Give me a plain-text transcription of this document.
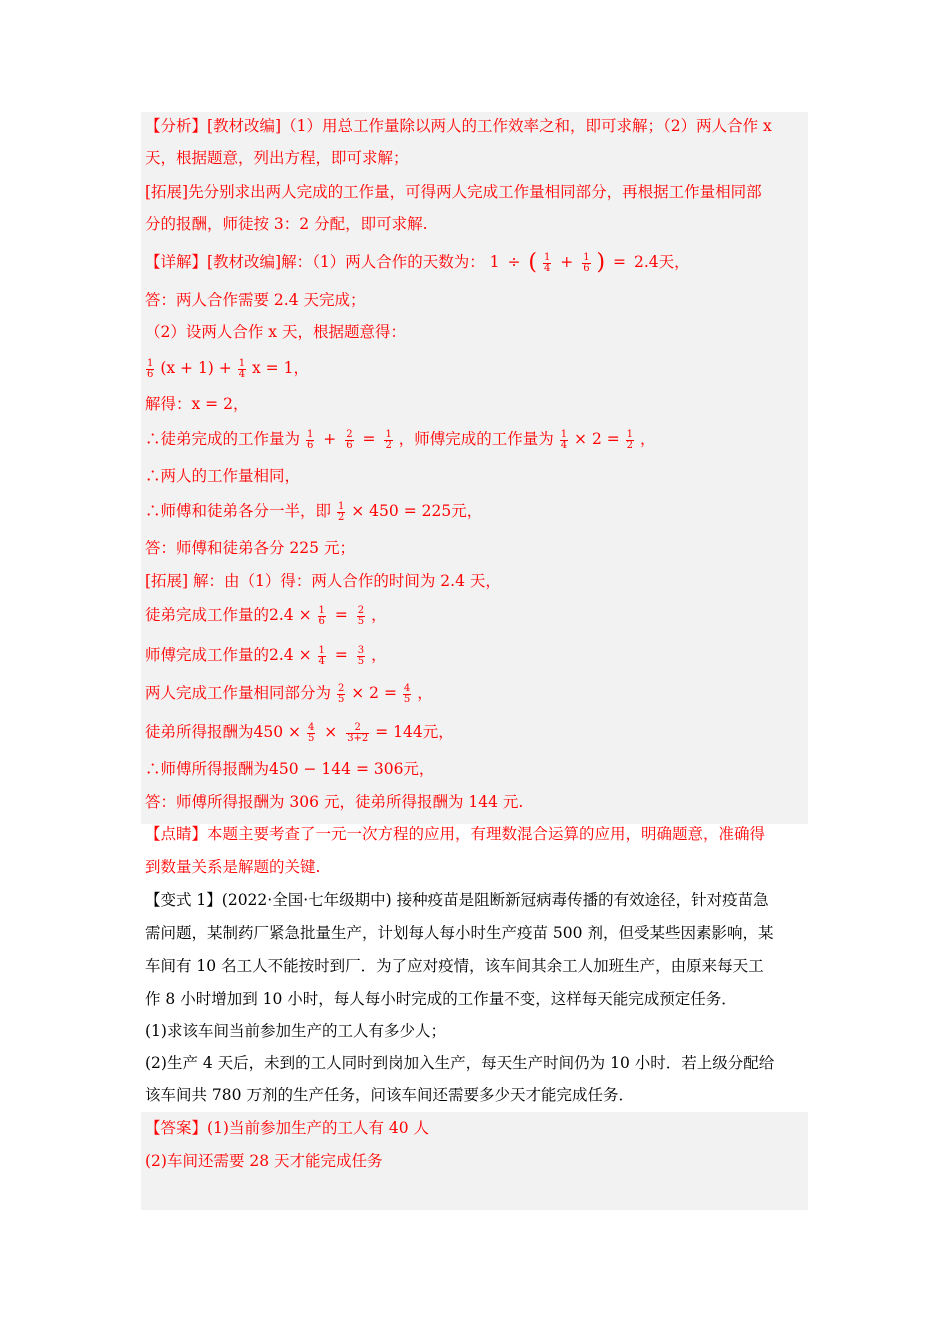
【分析】[教材改编]（1）用总工作量除以两人的工作效率之和，即可求解；（2）两人合作 x
天，根据题意，列出方程，即可求解；
[拓展]先分别求出两人完成的工作量，可得两人完成工作量相同部分，再根据工作量相同部
分的报酬，师徒按 3：2 分配，即可求解.
【详解】[教材改编]解：（1）两人合作的天数为： 1 ÷ ( $\frac{1}{4} + \frac{1}{6}$ ) = 2.4天，
答：两人合作需要 2.4 天完成；
（2）设两人合作 x 天，根据题意得：
$\frac{1}{6} (x + 1) + \frac{1}{4}$ x = 1，
解得：x = 2，
∴徒弟完成的工作量为 $\frac{1}{6} + \frac{2}{6} = \frac{1}{2}$ ，师傅完成的工作量为 $\frac{1}{4} \times 2 = \frac{1}{2}$ ，
∴两人的工作量相同，
∴师傅和徒弟各分一半，即 $\frac{1}{2} \times 450 = 225$元，
答：师傅和徒弟各分 225 元；
[拓展] 解：由（1）得：两人合作的时间为 2.4 天，
徒弟完成工作量的$2.4 \times \frac{1}{6} = \frac{2}{5}$ ，
师傅完成工作量的$2.4 \times \frac{1}{4} = \frac{3}{5}$ ，
两人完成工作量相同部分为 $\frac{2}{5} \times 2 = \frac{4}{5}$ ，
徒弟所得报酬为$450 \times \frac{4}{5} \times \frac{2}{3+2} = 144$元，
∴师傅所得报酬为450 − 144 = 306元，
答：师傅所得报酬为 306 元，徒弟所得报酬为 144 元.
【点睛】本题主要考查了一元一次方程的应用，有理数混合运算的应用，明确题意，准确得
到数量关系是解题的关键.
【变式 1】(2022·全国·七年级期中) 接种疫苗是阻断新冠病毒传播的有效途径，针对疫苗急
需问题，某制药厂紧急批量生产，计划每人每小时生产疫苗 500 剂，但受某些因素影响，某
车间有 10 名工人不能按时到厂．为了应对疫情，该车间其余工人加班生产，由原来每天工
作 8 小时增加到 10 小时，每人每小时完成的工作量不变，这样每天能完成预定任务．
(1)求该车间当前参加生产的工人有多少人；
(2)生产 4 天后，未到的工人同时到岗加入生产，每天生产时间仍为 10 小时．若上级分配给
该车间共 780 万剂的生产任务，问该车间还需要多少天才能完成任务．
【答案】(1)当前参加生产的工人有 40 人
(2)车间还需要 28 天才能完成任务
